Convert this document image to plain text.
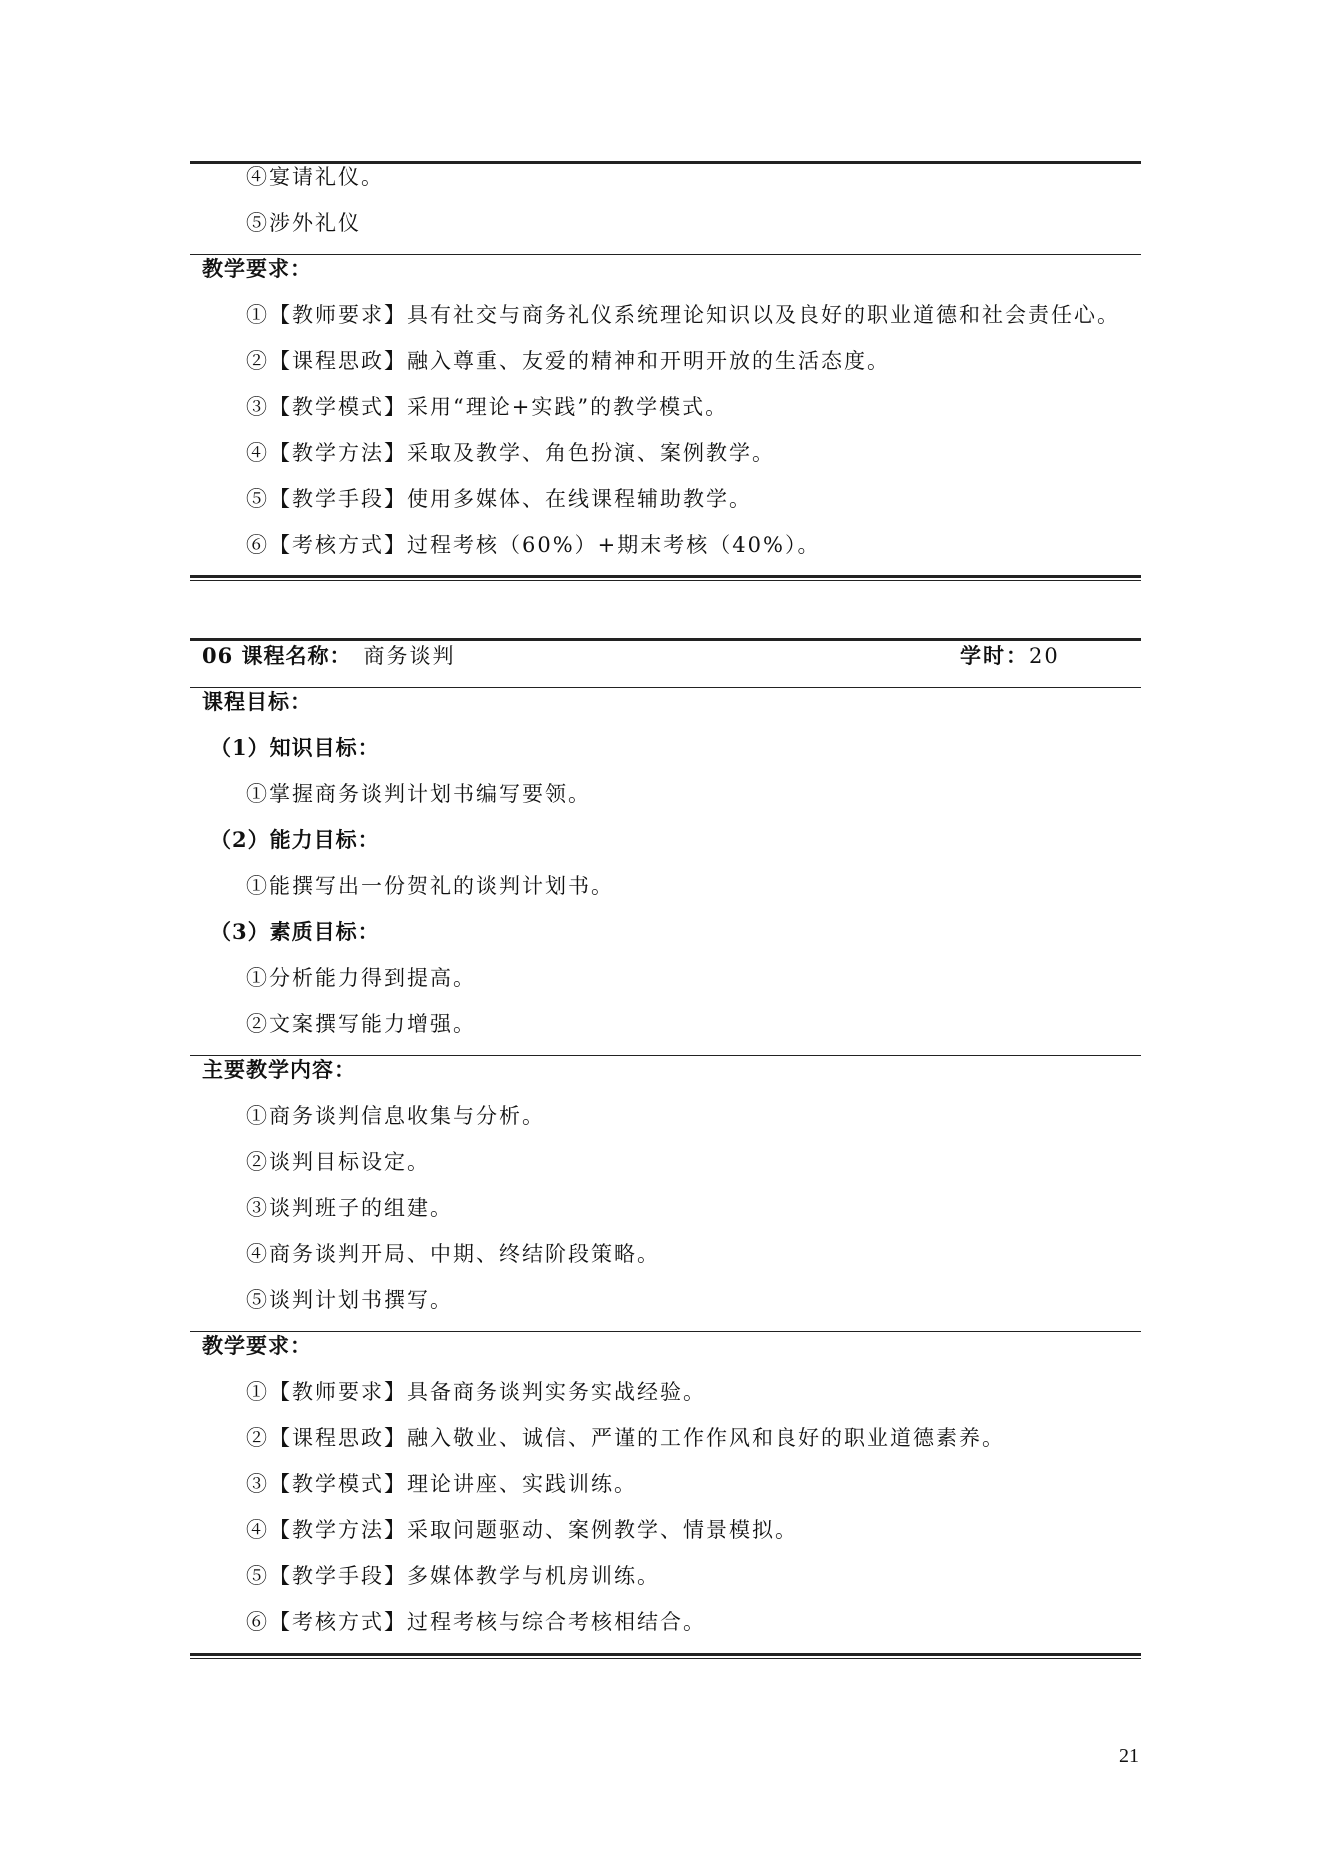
④宴请礼仪。
⑤涉外礼仪
教学要求：
①【教师要求】具有社交与商务礼仪系统理论知识以及良好的职业道德和社会责任心。
②【课程思政】融入尊重、友爱的精神和开明开放的生活态度。
③【教学模式】采用“理论+实践”的教学模式。
④【教学方法】采取及教学、角色扮演、案例教学。
⑤【教学手段】使用多媒体、在线课程辅助教学。
⑥【考核方式】过程考核（60%）+期末考核（40%）。
06 课程名称： 商务谈判	学时：20
课程目标：
（1）知识目标：
①掌握商务谈判计划书编写要领。
（2）能力目标：
①能撰写出一份贺礼的谈判计划书。
（3）素质目标：
①分析能力得到提高。
②文案撰写能力增强。
主要教学内容：
①商务谈判信息收集与分析。
②谈判目标设定。
③谈判班子的组建。
④商务谈判开局、中期、终结阶段策略。
⑤谈判计划书撰写。
教学要求：
①【教师要求】具备商务谈判实务实战经验。
②【课程思政】融入敬业、诚信、严谨的工作作风和良好的职业道德素养。
③【教学模式】理论讲座、实践训练。
④【教学方法】采取问题驱动、案例教学、情景模拟。
⑤【教学手段】多媒体教学与机房训练。
⑥【考核方式】过程考核与综合考核相结合。
21
